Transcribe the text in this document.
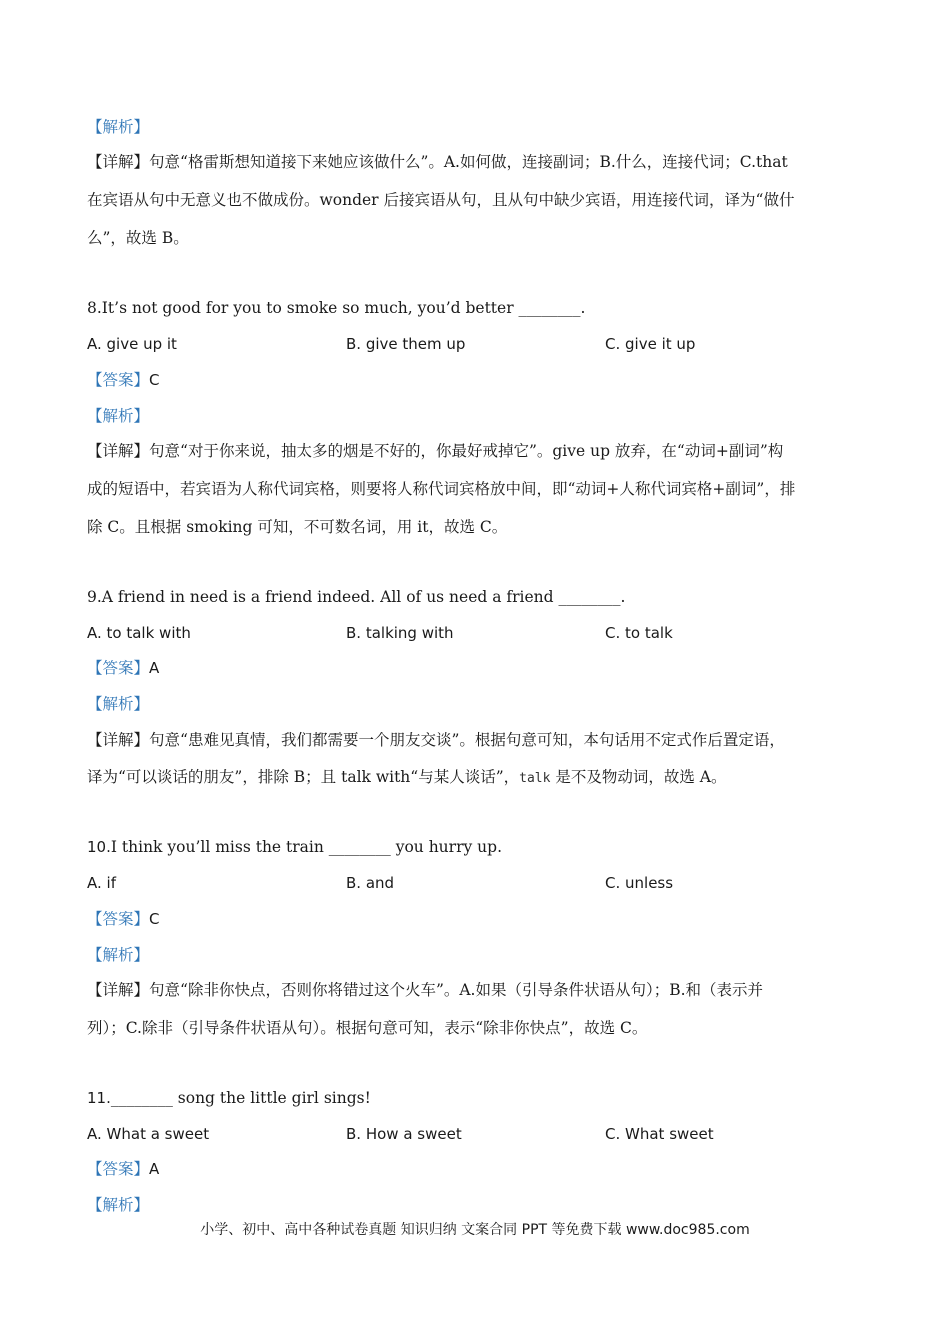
【解析】
【详解】句意“格雷斯想知道接下来她应该做什么”。A.如何做，连接副词；B.什么，连接代词；C.that
在宾语从句中无意义也不做成份。wonder 后接宾语从句，且从句中缺少宾语，用连接代词，译为“做什
么”，故选 B。
8.It’s not good for you to smoke so much, you’d better ________.
A. give up it	B. give them up	C. give it up
【答案】C
【解析】
【详解】句意“对于你来说，抽太多的烟是不好的，你最好戒掉它”。give up 放弃，在“动词+副词”构
成的短语中，若宾语为人称代词宾格，则要将人称代词宾格放中间，即“动词+人称代词宾格+副词”，排
除 C。且根据 smoking 可知，不可数名词，用 it，故选 C。
9.A friend in need is a friend indeed. All of us need a friend ________.
A. to talk with	B. talking with	C. to talk
【答案】A
【解析】
【详解】句意“患难见真情，我们都需要一个朋友交谈”。根据句意可知，本句话用不定式作后置定语，
译为“可以谈话的朋友”，排除 B；且 talk with“与某人谈话”，talk 是不及物动词，故选 A。
10.I think you’ll miss the train ________ you hurry up.
A. if	B. and	C. unless
【答案】C
【解析】
【详解】句意“除非你快点，否则你将错过这个火车”。A.如果（引导条件状语从句）；B.和（表示并
列）；C.除非（引导条件状语从句）。根据句意可知，表示“除非你快点”，故选 C。
11.________ song the little girl sings!
A. What a sweet	B. How a sweet	C. What sweet
【答案】A
【解析】
小学、初中、高中各种试卷真题 知识归纳 文案合同 PPT 等免费下载 www.doc985.com
